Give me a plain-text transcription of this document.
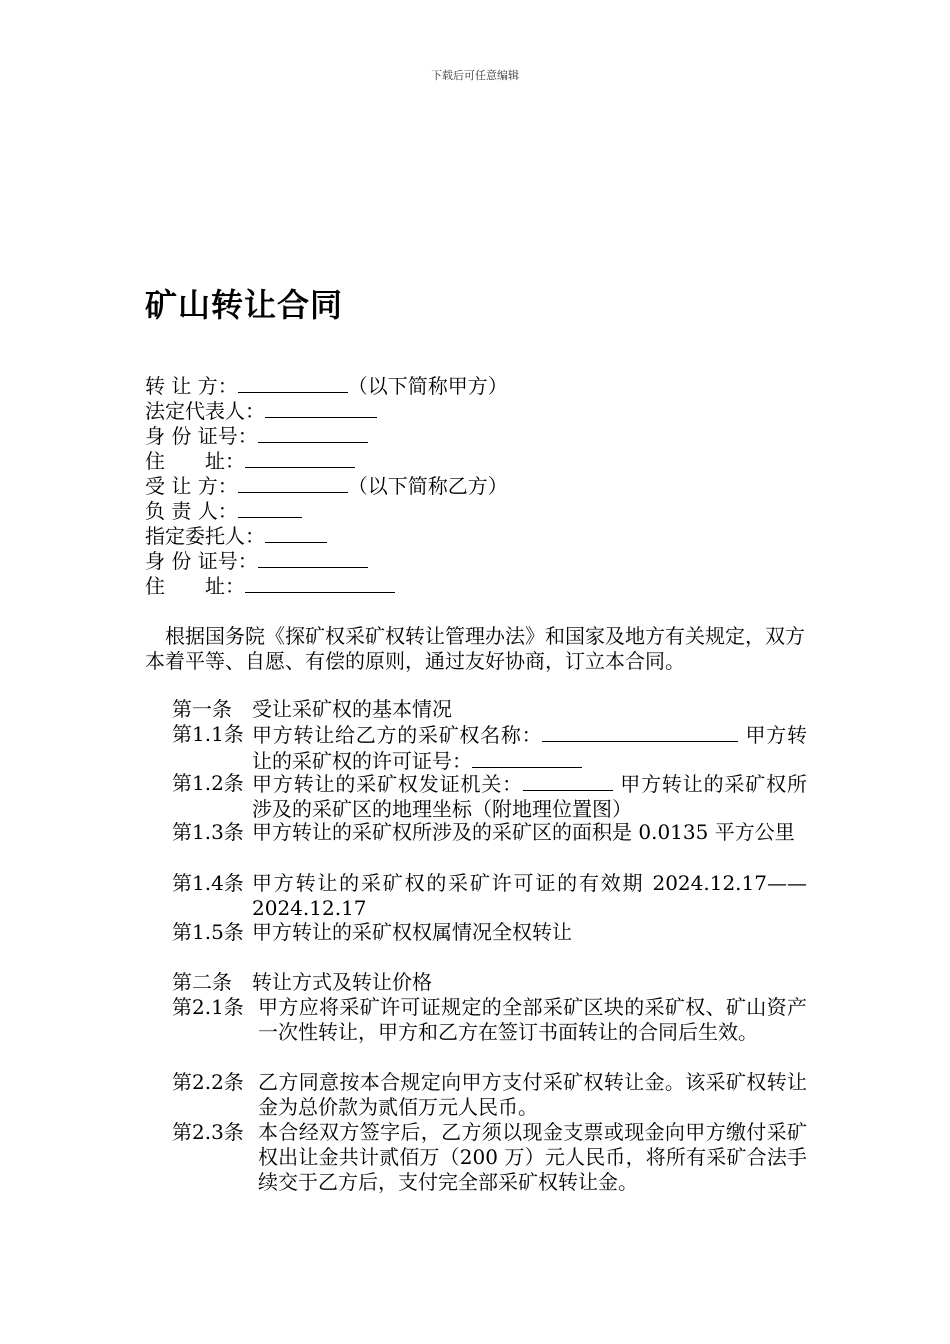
下载后可任意编辑
矿山转让合同
转 让 方：	（以下简称甲方）
法定代表人：
身 份 证号：
住　　址：
受 让 方：	（以下简称乙方）
负 责 人：
指定委托人：
身 份 证号：
住　　址：

根据国务院《探矿权采矿权转让管理办法》和国家及地方有关规定，双方本着平等、自愿、有偿的原则，通过友好协商，订立本合同。

第一条　受让采矿权的基本情况
第1.1条 甲方转让给乙方的采矿权名称：	甲方转让的采矿权的许可证号：
第1.2条 甲方转让的采矿权发证机关：	甲方转让的采矿权所涉及的采矿区的地理坐标（附地理位置图）
第1.3条 甲方转让的采矿权所涉及的采矿区的面积是 0.0135 平方公里
第1.4条 甲方转让的采矿权的采矿许可证的有效期 2024.12.17——2024.12.17
第1.5条 甲方转让的采矿权权属情况全权转让
第二条　转让方式及转让价格
第2.1条 甲方应将采矿许可证规定的全部采矿区块的采矿权、矿山资产一次性转让，甲方和乙方在签订书面转让的合同后生效。
第2.2条 乙方同意按本合规定向甲方支付采矿权转让金。该采矿权转让金为总价款为贰佰万元人民币。
第2.3条 本合经双方签字后，乙方须以现金支票或现金向甲方缴付采矿权出让金共计贰佰万（200 万）元人民币，将所有采矿合法手续交于乙方后，支付完全部采矿权转让金。
